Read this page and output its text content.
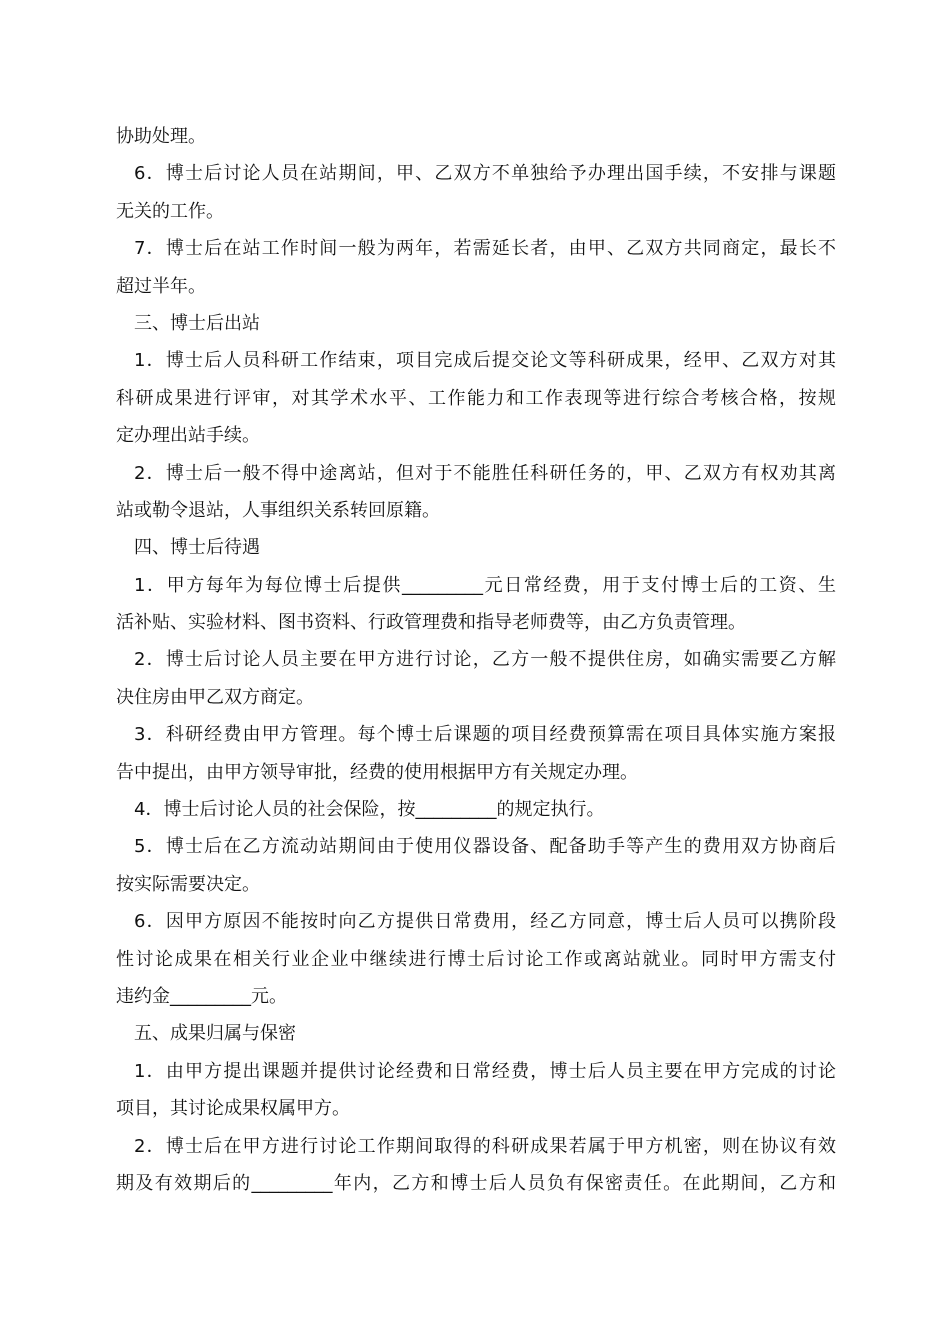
协助处理。
6．博士后讨论人员在站期间，甲、乙双方不单独给予办理出国手续，不安排与课题
无关的工作。
7．博士后在站工作时间一般为两年，若需延长者，由甲、乙双方共同商定，最长不
超过半年。
三、博士后出站
1．博士后人员科研工作结束，项目完成后提交论文等科研成果，经甲、乙双方对其
科研成果进行评审，对其学术水平、工作能力和工作表现等进行综合考核合格，按规
定办理出站手续。
2．博士后一般不得中途离站，但对于不能胜任科研任务的，甲、乙双方有权劝其离
站或勒令退站，人事组织关系转回原籍。
四、博士后待遇
1．甲方每年为每位博士后提供_________元日常经费，用于支付博士后的工资、生
活补贴、实验材料、图书资料、行政管理费和指导老师费等，由乙方负责管理。
2．博士后讨论人员主要在甲方进行讨论，乙方一般不提供住房，如确实需要乙方解
决住房由甲乙双方商定。
3．科研经费由甲方管理。每个博士后课题的项目经费预算需在项目具体实施方案报
告中提出，由甲方领导审批，经费的使用根据甲方有关规定办理。
4．博士后讨论人员的社会保险，按_________的规定执行。
5．博士后在乙方流动站期间由于使用仪器设备、配备助手等产生的费用双方协商后
按实际需要决定。
6．因甲方原因不能按时向乙方提供日常费用，经乙方同意，博士后人员可以携阶段
性讨论成果在相关行业企业中继续进行博士后讨论工作或离站就业。同时甲方需支付
违约金_________元。
五、成果归属与保密
1．由甲方提出课题并提供讨论经费和日常经费，博士后人员主要在甲方完成的讨论
项目，其讨论成果权属甲方。
2．博士后在甲方进行讨论工作期间取得的科研成果若属于甲方机密，则在协议有效
期及有效期后的_________年内，乙方和博士后人员负有保密责任。在此期间，乙方和
